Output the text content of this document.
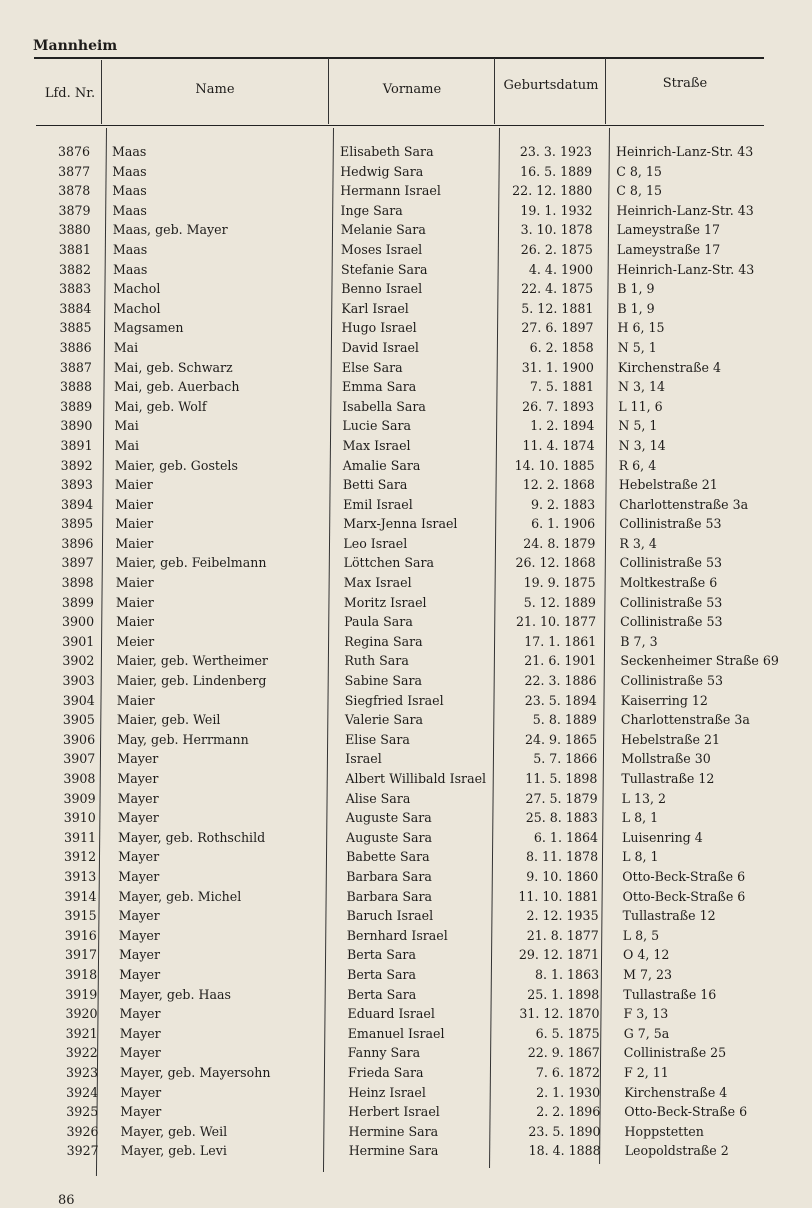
Mannheim
Lfd. Nr.	Name	Vorname	Geburtsdatum	Straße
3876 Maas	Elisabeth Sara	23. 3. 1923 Heinrich-Lanz-Str. 43
3877 Maas	Hedwig Sara	16. 5. 1889 C 8, 15
3878 Maas	Hermann Israel	22. 12. 1880 C 8, 15
3879 Maas	Inge Sara	19. 1. 1932 Heinrich-Lanz-Str. 43
3880 Maas, geb. Mayer	Melanie Sara	3. 10. 1878 Lameystraße 17
3881 Maas	Moses Israel	26. 2. 1875 Lameystraße 17
3882 Maas	Stefanie Sara	4. 4. 1900 Heinrich-Lanz-Str. 43
3883 Machol	Benno Israel	22. 4. 1875 B 1, 9
3884 Machol	Karl Israel	5. 12. 1881 B 1, 9
3885 Magsamen	Hugo Israel	27. 6. 1897 H 6, 15
3886 Mai	David Israel	6. 2. 1858 N 5, 1
3887 Mai, geb. Schwarz	Else Sara	31. 1. 1900 Kirchenstraße 4
3888 Mai, geb. Auerbach	Emma Sara	7. 5. 1881 N 3, 14
3889 Mai, geb. Wolf	Isabella Sara	26. 7. 1893 L 11, 6
3890 Mai	Lucie Sara	1. 2. 1894 N 5, 1
3891 Mai	Max Israel	11. 4. 1874 N 3, 14
3892 Maier, geb. Gostels	Amalie Sara	14. 10. 1885 R 6, 4
3893 Maier	Betti Sara	12. 2. 1868 Hebelstraße 21
3894 Maier	Emil Israel	9. 2. 1883 Charlottenstraße 3a
3895 Maier	Marx-Jenna Israel	6. 1. 1906 Collinistraße 53
3896 Maier	Leo Israel	24. 8. 1879 R 3, 4
3897 Maier, geb. Feibelmann	Löttchen Sara	26. 12. 1868 Collinistraße 53
3898 Maier	Max Israel	19. 9. 1875 Moltkestraße 6
3899 Maier	Moritz Israel	5. 12. 1889 Collinistraße 53
3900 Maier	Paula Sara	21. 10. 1877 Collinistraße 53
3901 Meier	Regina Sara	17. 1. 1861 B 7, 3
3902 Maier, geb. Wertheimer	Ruth Sara	21. 6. 1901 Seckenheimer Straße 69
3903 Maier, geb. Lindenberg	Sabine Sara	22. 3. 1886 Collinistraße 53
3904 Maier	Siegfried Israel	23. 5. 1894 Kaiserring 12
3905 Maier, geb. Weil	Valerie Sara	5. 8. 1889 Charlottenstraße 3a
3906 May, geb. Herrmann	Elise Sara	24. 9. 1865 Hebelstraße 21
3907 Mayer	Israel	5. 7. 1866 Mollstraße 30
3908 Mayer	Albert Willibald Israel	11. 5. 1898 Tullastraße 12
3909 Mayer	Alise Sara	27. 5. 1879 L 13, 2
3910 Mayer	Auguste Sara	25. 8. 1883 L 8, 1
3911 Mayer, geb. Rothschild	Auguste Sara	6. 1. 1864 Luisenring 4
3912 Mayer	Babette Sara	8. 11. 1878 L 8, 1
3913 Mayer	Barbara Sara	9. 10. 1860 Otto-Beck-Straße 6
3914 Mayer, geb. Michel	Barbara Sara	11. 10. 1881 Otto-Beck-Straße 6
3915 Mayer	Baruch Israel	2. 12. 1935 Tullastraße 12
3916 Mayer	Bernhard Israel	21. 8. 1877 L 8, 5
3917 Mayer	Berta Sara	29. 12. 1871 O 4, 12
3918 Mayer	Berta Sara	8. 1. 1863 M 7, 23
3919 Mayer, geb. Haas	Berta Sara	25. 1. 1898 Tullastraße 16
3920 Mayer	Eduard Israel	31. 12. 1870 F 3, 13
3921 Mayer	Emanuel Israel	6. 5. 1875 G 7, 5a
3922 Mayer	Fanny Sara	22. 9. 1867 Collinistraße 25
3923 Mayer, geb. Mayersohn	Frieda Sara	7. 6. 1872 F 2, 11
3924 Mayer	Heinz Israel	2. 1. 1930 Kirchenstraße 4
3925 Mayer	Herbert Israel	2. 2. 1896 Otto-Beck-Straße 6
3926 Mayer, geb. Weil	Hermine Sara	23. 5. 1890 Hoppstetten
3927 Mayer, geb. Levi	Hermine Sara	18. 4. 1888 Leopoldstraße 2
86
